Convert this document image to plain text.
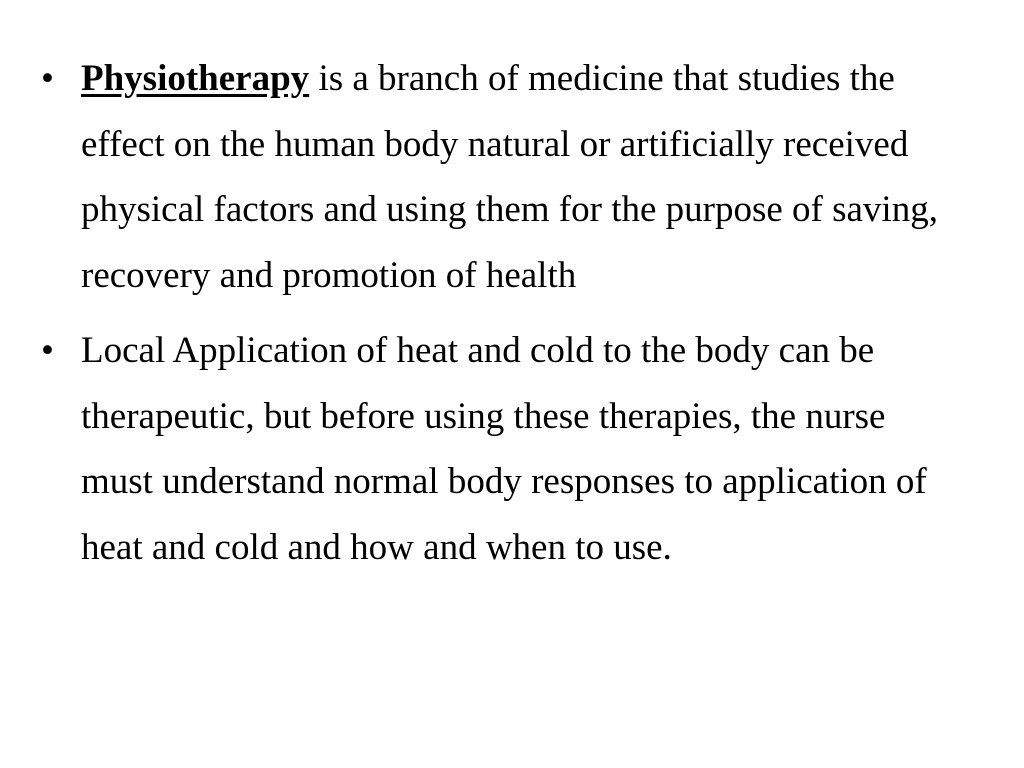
• Physiotherapy is a branch of medicine that studies the effect on the human body natural or artificially received physical factors and using them for the purpose of saving, recovery and promotion of health
• Local Application of heat and cold to the body can be therapeutic, but before using these therapies, the nurse must understand normal body responses to application of heat and cold and how and when to use.
